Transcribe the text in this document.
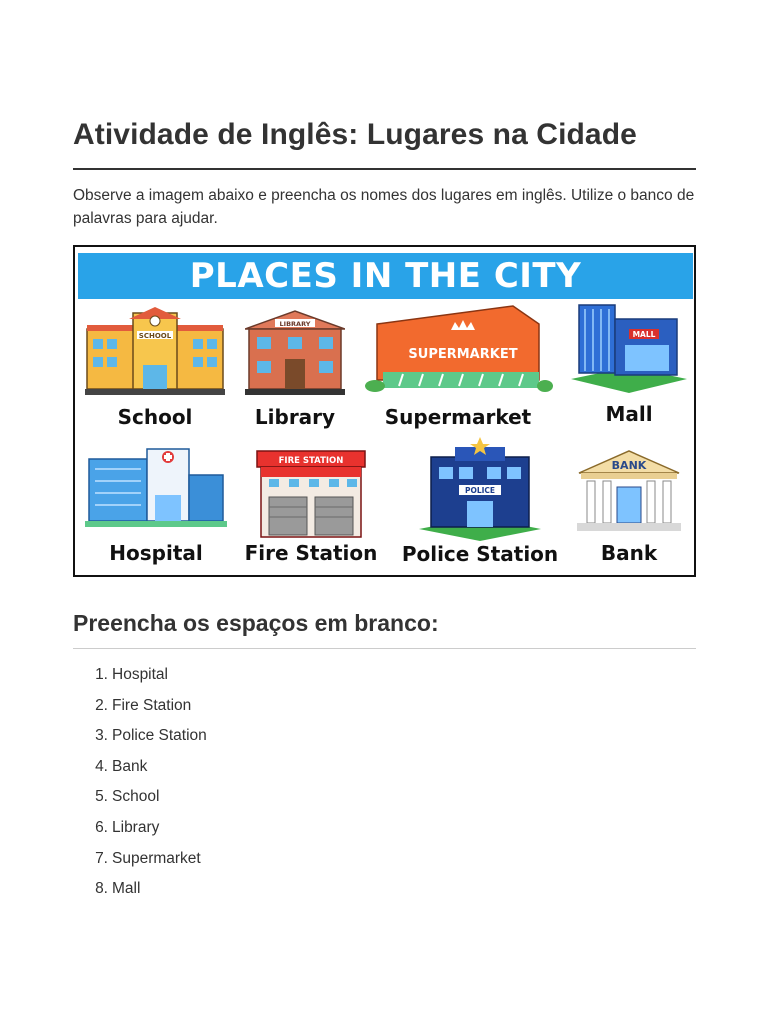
Atividade de Inglês: Lugares na Cidade

Observe a imagem abaixo e preencha os nomes dos lugares em inglês. Utilize o banco de palavras para ajudar.

PLACES IN THE CITY
SCHOOL
School
LIBRARY
Library
SUPERMARKET
Supermarket
MALL
Mall
Hospital
FIRE STATION
Fire Station
POLICE
Police Station
BANK
Bank
Preencha os espaços em branco:
1. Hospital
2. Fire Station
3. Police Station
4. Bank
5. School
6. Library
7. Supermarket
8. Mall
